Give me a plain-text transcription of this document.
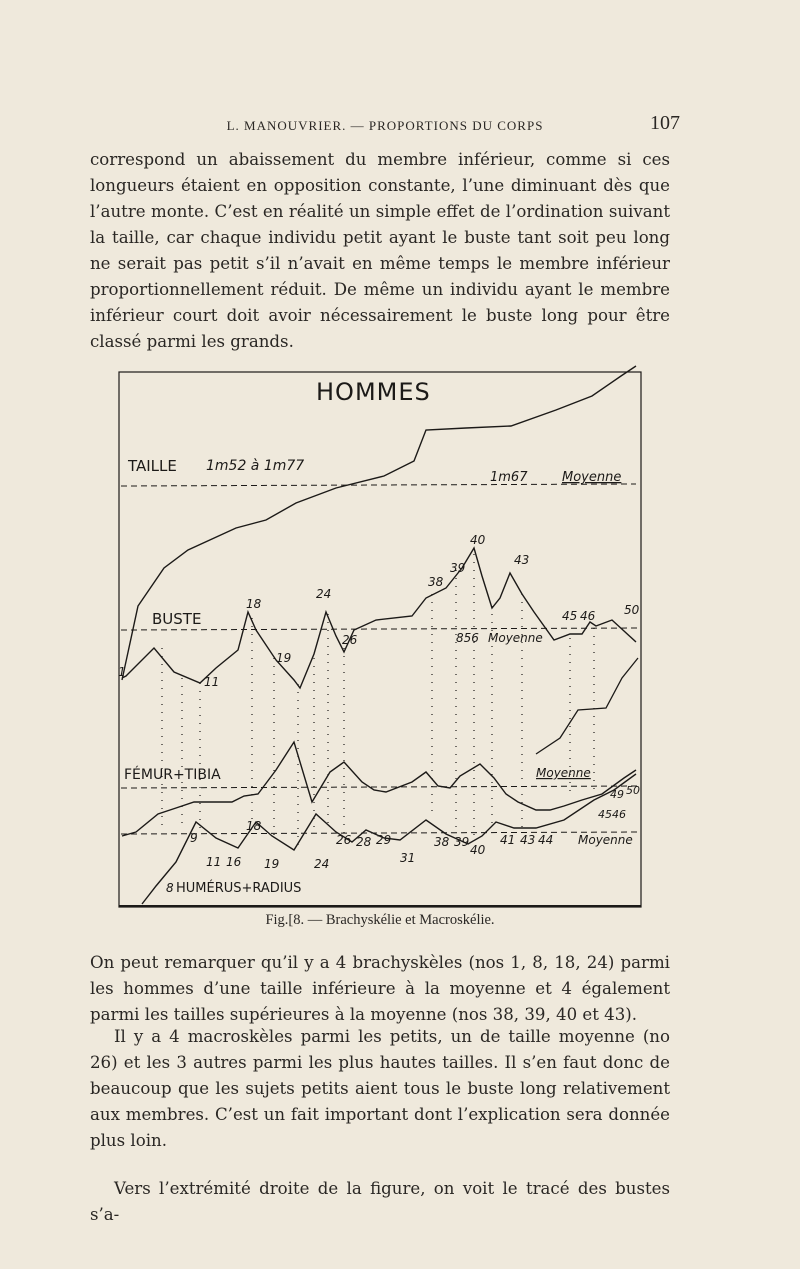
L. MANOUVRIER. — PROPORTIONS DU CORPS	107

correspond un abaissement du membre inférieur, comme si ces longueurs étaient en opposition constante, l’une diminuant dès que l’autre monte. C’est en réalité un simple effet de l’ordination suivant la taille, car chaque individu petit ayant le buste tant soit peu long ne serait pas petit s’il n’avait en même temps le membre inférieur proportionnellement réduit. De même un individu ayant le membre inférieur court doit avoir nécessairement le buste long pour être classé parmi les grands.

HOMMES
TAILLE 1m52 à 1m77
1m67	Moyenne
BUSTE
856 Moyenne
FÉMUR+TIBIA	Moyenne
HUMÉRUS+RADIUS
Moyenne
1
11
18
19
24
26
38
39
40
43
45 46 50
49 50
45 46
8
9
11 16
18
19	24
26 28 29
31
38 39
40
41 43 44
Fig.[8. — Brachyskélie et Macroskélie.

On peut remarquer qu’il y a 4 brachyskèles (nos 1, 8, 18, 24) parmi les hommes d’une taille inférieure à la moyenne et 4 également parmi les tailles supérieures à la moyenne (nos 38, 39, 40 et 43).

Il y a 4 macroskèles parmi les petits, un de taille moyenne (no 26) et les 3 autres parmi les plus hautes tailles. Il s’en faut donc de beaucoup que les sujets petits aient tous le buste long relativement aux membres. C’est un fait important dont l’explication sera donnée plus loin.

Vers l’extrémité droite de la figure, on voit le tracé des bustes s’a-
